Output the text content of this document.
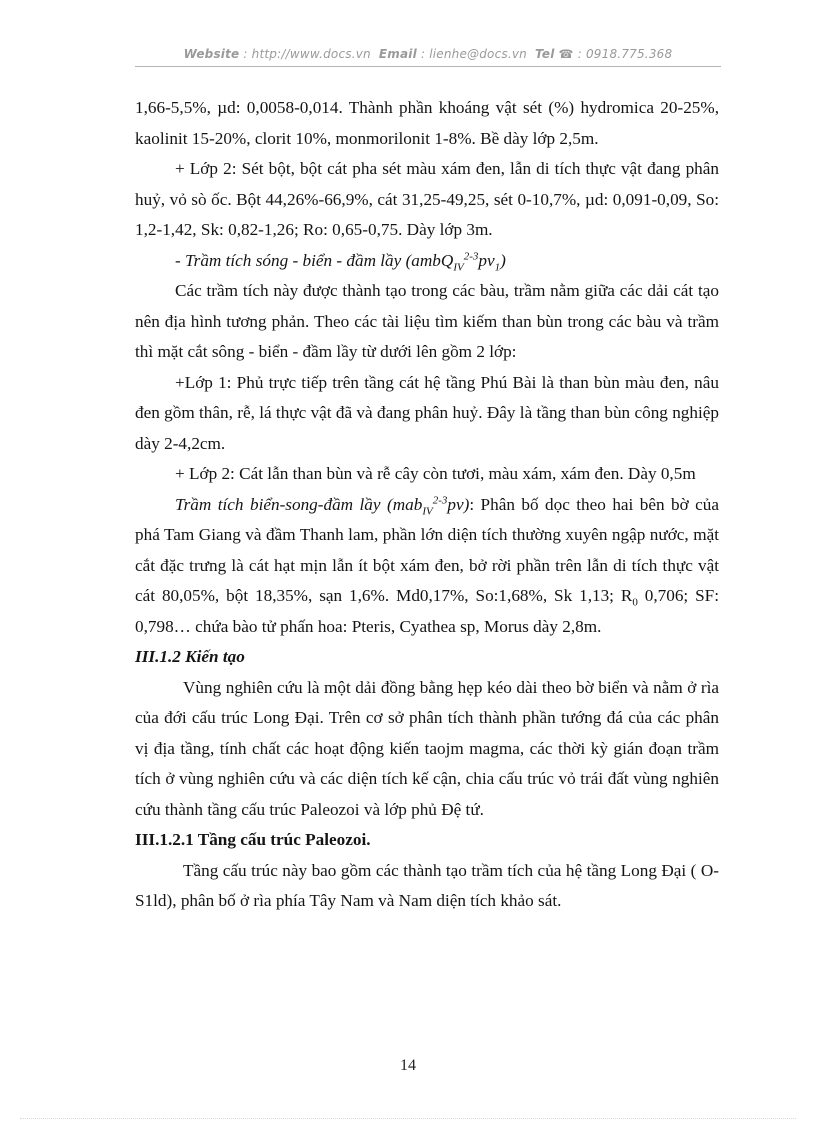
Website : http://www.docs.vn Email : lienhe@docs.vn Tel ☎ : 0918.775.368

1,66-5,5%, µd: 0,0058-0,014. Thành phần khoáng vật sét (%) hydromica 20-25%, kaolinit 15-20%, clorit 10%, monmorilonit 1-8%. Bề dày lớp 2,5m.

+ Lớp 2: Sét bột, bột cát pha sét màu xám đen, lẫn di tích thực vật đang phân huỷ, vỏ sò ốc. Bột 44,26%-66,9%, cát 31,25-49,25, sét 0-10,7%, µd: 0,091-0,09, So: 1,2-1,42, Sk: 0,82-1,26; Ro: 0,65-0,75. Dày lớp 3m.

- Trầm tích sóng - biển - đầm lầy $(ambQ_{IV}^{2-3}pv_1)$

Các trầm tích này được thành tạo trong các bàu, trầm nằm giữa các dải cát tạo nên địa hình tương phản. Theo các tài liệu tìm kiếm than bùn trong các bàu và trầm thì mặt cắt sông - biển - đầm lầy từ dưới lên gồm 2 lớp:

+Lớp 1: Phủ trực tiếp trên tầng cát hệ tầng Phú Bài là than bùn màu đen, nâu đen gồm thân, rễ, lá thực vật đã và đang phân huỷ. Đây là tầng than bùn công nghiệp dày 2-4,2cm.

+ Lớp 2: Cát lẫn than bùn và rễ cây còn tươi, màu xám, xám đen. Dày 0,5m

Trầm tích biển-song-đầm lầy (mab$_{IV}^{2-3}$pv): Phân bố dọc theo hai bên bờ của phá Tam Giang và đầm Thanh lam, phần lớn diện tích thường xuyên ngập nước, mặt cắt đặc trưng là cát hạt mịn lẫn ít bột xám đen, bở rời phần trên lẫn di tích thực vật cát 80,05%, bột 18,35%, sạn 1,6%. Md0,17%, So:1,68%, Sk 1,13; $R_0$ 0,706; SF: 0,798… chứa bào tử phấn hoa: Pteris, Cyathea sp, Morus dày 2,8m.

III.1.2 Kiến tạo

Vùng nghiên cứu là một dải đồng bằng hẹp kéo dài theo bờ biển và nằm ở rìa của đới cấu trúc Long Đại. Trên cơ sở phân tích thành phần tướng đá của các phân vị địa tầng, tính chất các hoạt động kiến taojm magma, các thời kỳ gián đoạn trầm tích ở vùng nghiên cứu và các diện tích kế cận, chia cấu trúc vỏ trái đất vùng nghiên cứu thành tầng cấu trúc Paleozoi và lớp phủ Đệ tứ.

III.1.2.1 Tầng cấu trúc Paleozoi.

Tầng cấu trúc này bao gồm các thành tạo trầm tích của hệ tầng Long Đại ( O-S1ld), phân bố ở rìa phía Tây Nam và Nam diện tích khảo sát.

14
